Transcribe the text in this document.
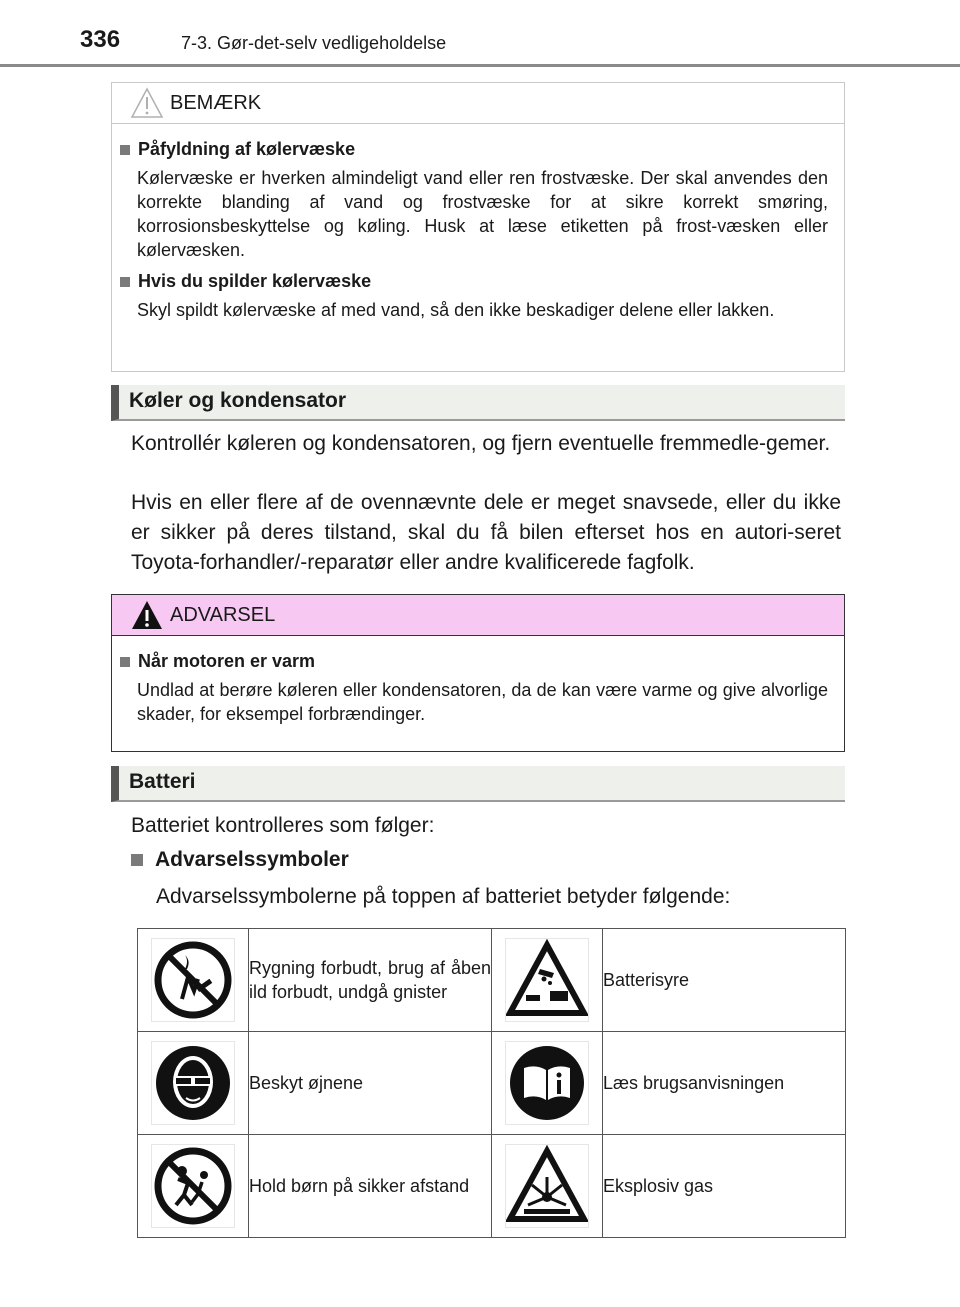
336	7-3. Gør-det-selv vedligeholdelse
BEMÆRK
Påfyldning af kølervæske

Kølervæske er hverken almindeligt vand eller ren frostvæske. Der skal anvendes den korrekte blanding af vand og frostvæske for at sikre korrekt smøring, korrosionsbeskyttelse og køling. Husk at læse etiketten på frost-væsken eller kølervæsken.

Hvis du spilder kølervæske

Skyl spildt kølervæske af med vand, så den ikke beskadiger delene eller lakken.

Køler og kondensator

Kontrollér køleren og kondensatoren, og fjern eventuelle fremmedle-gemer.

Hvis en eller flere af de ovennævnte dele er meget snavsede, eller du ikke er sikker på deres tilstand, skal du få bilen efterset hos en autori-seret Toyota-forhandler/-reparatør eller andre kvalificerede fagfolk.

ADVARSEL
Når motoren er varm

Undlad at berøre køleren eller kondensatoren, da de kan være varme og give alvorlige skader, for eksempel forbrændinger.

Batteri

Batteriet kontrolleres som følger:

Advarselssymboler

Advarselssymbolerne på toppen af batteriet betyder følgende:

	Rygning forbudt, brug af åben ild forbudt, undgå gnister		Batterisyre
	Beskyt øjnene		Læs brugsanvisningen
	Hold børn på sikker afstand		Eksplosiv gas
